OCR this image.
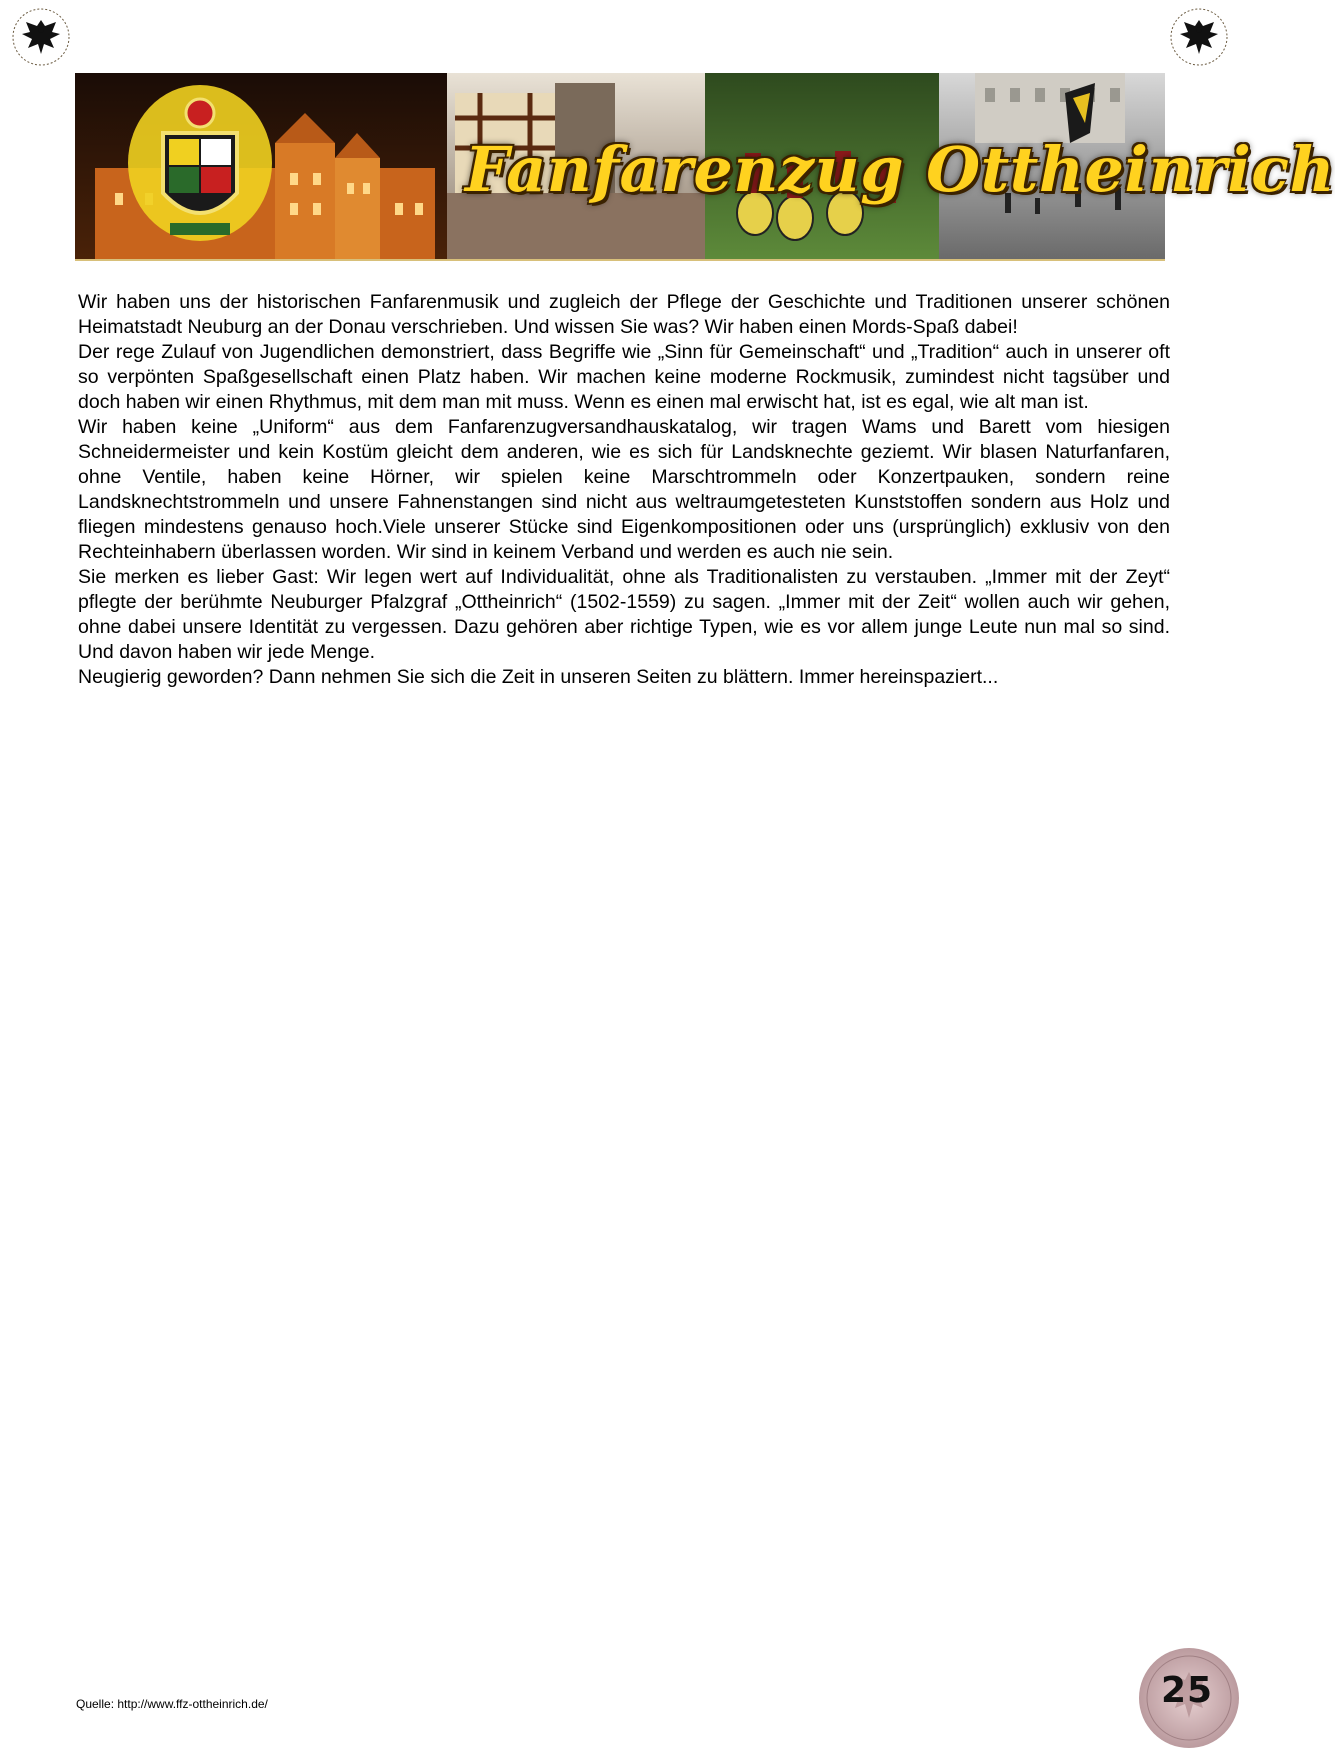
Fanfarenzug Ottheinrich

Wir haben uns der historischen Fanfarenmusik und zugleich der Pflege der Geschichte und Traditionen unserer schönen Heimatstadt Neuburg an der Donau verschrieben. Und wissen Sie was? Wir haben einen Mords-Spaß dabei!

Der rege Zulauf von Jugendlichen demonstriert, dass Begriffe wie „Sinn für Gemeinschaft“ und „Tradition“ auch in unserer oft so verpönten Spaßgesellschaft einen Platz haben. Wir machen keine moderne Rockmusik, zumindest nicht tagsüber und doch haben wir einen Rhythmus, mit dem man mit muss. Wenn es einen mal erwischt hat, ist es egal, wie alt man ist.

Wir haben keine „Uniform“ aus dem Fanfarenzugversandhauskatalog, wir tragen Wams und Barett vom hiesigen Schneidermeister und kein Kostüm gleicht dem anderen, wie es sich für Landsknechte geziemt. Wir blasen Naturfanfaren, ohne Ventile, haben keine Hörner, wir spielen keine Marschtrommeln oder Konzertpauken, sondern reine Landsknechtstrommeln und unsere Fahnenstangen sind nicht aus weltraumgetesteten Kunststoffen sondern aus Holz und fliegen mindestens genauso hoch.Viele unserer Stücke sind Eigenkompositionen oder uns (ursprünglich) exklusiv von den Rechteinhabern überlassen worden. Wir sind in keinem Verband und werden es auch nie sein.

Sie merken es lieber Gast: Wir legen wert auf Individualität, ohne als Traditionalisten zu verstauben. „Immer mit der Zeyt“ pflegte der berühmte Neuburger Pfalzgraf „Ottheinrich“ (1502-1559) zu sagen. „Immer mit der Zeit“ wollen auch wir gehen, ohne dabei unsere Identität zu vergessen. Dazu gehören aber richtige Typen, wie es vor allem junge Leute nun mal so sind. Und davon haben wir jede Menge.

Neugierig geworden? Dann nehmen Sie sich die Zeit in unseren Seiten zu blättern. Immer hereinspaziert...

Quelle: http://www.ffz-ottheinrich.de/	25
